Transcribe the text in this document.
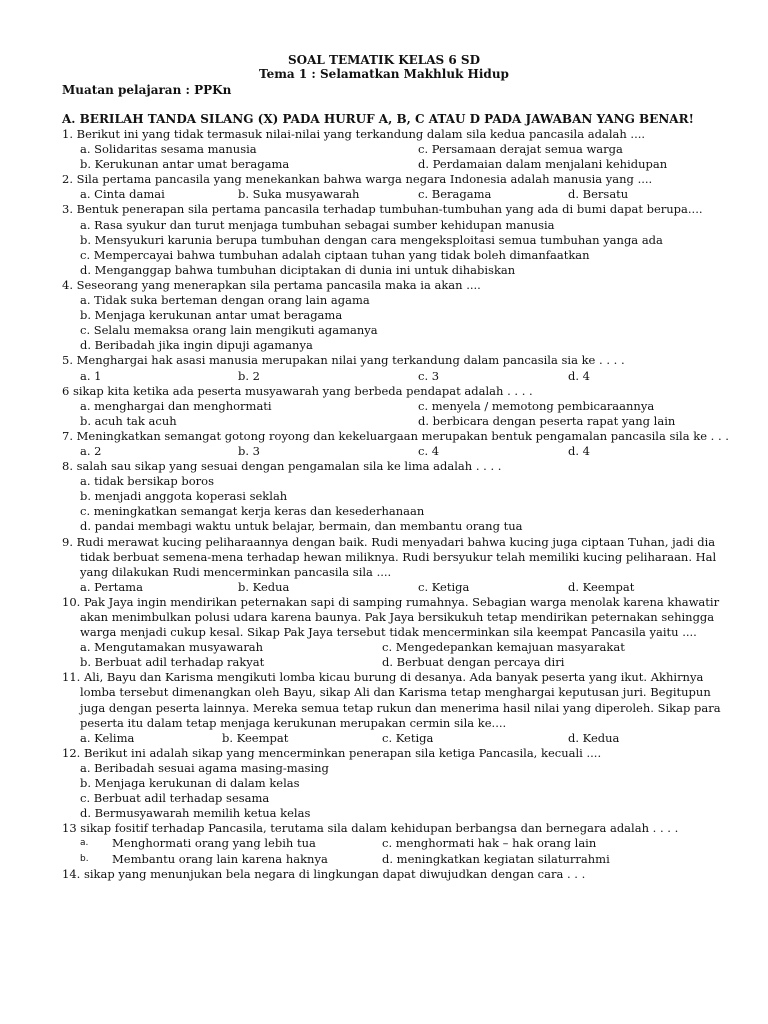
SOAL TEMATIK KELAS 6 SD
Tema 1 : Selamatkan Makhluk Hidup
Muatan pelajaran : PPKn
A. BERILAH TANDA SILANG (X) PADA HURUF A, B, C ATAU D PADA JAWABAN YANG BENAR!
1. Berikut ini yang tidak termasuk nilai-nilai yang terkandung dalam sila kedua pancasila adalah ....
a. Solidaritas sesama manusia	c. Persamaan derajat semua warga
b. Kerukunan antar umat beragama	d. Perdamaian dalam menjalani kehidupan
2. Sila pertama pancasila yang menekankan bahwa warga negara Indonesia adalah manusia yang ....
a. Cinta damai	b. Suka musyawarah	c. Beragama	d. Bersatu
3. Bentuk penerapan sila pertama pancasila terhadap tumbuhan-tumbuhan yang ada di bumi dapat berupa....
a. Rasa syukur dan turut menjaga tumbuhan sebagai sumber kehidupan manusia
b. Mensyukuri karunia berupa tumbuhan dengan cara mengeksploitasi semua tumbuhan yanga ada
c. Mempercayai bahwa tumbuhan adalah ciptaan tuhan yang tidak boleh dimanfaatkan
d. Menganggap bahwa tumbuhan diciptakan di dunia ini untuk dihabiskan
4. Seseorang yang menerapkan sila pertama pancasila maka ia akan ....
a. Tidak suka berteman dengan orang lain agama
b. Menjaga kerukunan antar umat beragama
c. Selalu memaksa orang lain mengikuti agamanya
d. Beribadah jika ingin dipuji agamanya
5. Menghargai hak asasi manusia merupakan nilai yang terkandung dalam pancasila sia ke . . . .
a. 1	b. 2	c. 3	d. 4
6 sikap kita ketika ada peserta musyawarah yang berbeda pendapat adalah . . . .
a. menghargai dan menghormati	c. menyela / memotong pembicaraannya
b. acuh tak acuh	d. berbicara dengan peserta rapat yang lain
7. Meningkatkan semangat gotong royong dan kekeluargaan merupakan bentuk pengamalan pancasila sila ke . . .
a. 2	b. 3	c. 4	d. 4
8. salah sau sikap yang sesuai dengan pengamalan sila ke lima adalah . . . .
a. tidak bersikap boros
b. menjadi anggota koperasi seklah
c. meningkatkan semangat kerja keras dan kesederhanaan
d. pandai membagi waktu untuk belajar, bermain, dan membantu orang tua
9. Rudi merawat kucing peliharaannya dengan baik. Rudi menyadari bahwa kucing juga ciptaan Tuhan, jadi dia
tidak berbuat semena-mena terhadap hewan miliknya. Rudi bersyukur telah memiliki kucing peliharaan. Hal
yang dilakukan Rudi mencerminkan pancasila sila ....
a. Pertama	b. Kedua	c. Ketiga	d. Keempat
10. Pak Jaya ingin mendirikan peternakan sapi di samping rumahnya. Sebagian warga menolak karena khawatir
akan menimbulkan polusi udara karena baunya. Pak Jaya bersikukuh tetap mendirikan peternakan sehingga
warga menjadi cukup kesal. Sikap Pak Jaya tersebut tidak mencerminkan sila keempat Pancasila yaitu ....
a. Mengutamakan musyawarah	c. Mengedepankan kemajuan masyarakat
b. Berbuat adil terhadap rakyat	d. Berbuat dengan percaya diri
11. Ali, Bayu dan Karisma mengikuti lomba kicau burung di desanya. Ada banyak peserta yang ikut. Akhirnya
lomba tersebut dimenangkan oleh Bayu, sikap Ali dan Karisma tetap menghargai keputusan juri. Begitupun
juga dengan peserta lainnya. Mereka semua tetap rukun dan menerima hasil nilai yang diperoleh. Sikap para
peserta itu dalam tetap menjaga kerukunan merupakan cermin sila ke....
a. Kelima	b. Keempat	c. Ketiga	d. Kedua
12. Berikut ini adalah sikap yang mencerminkan penerapan sila ketiga Pancasila, kecuali ....
a. Beribadah sesuai agama masing-masing
b. Menjaga kerukunan di dalam kelas
c. Berbuat adil terhadap sesama
d. Bermusyawarah memilih ketua kelas
13 sikap fositif terhadap Pancasila, terutama sila dalam kehidupan berbangsa dan bernegara adalah . . . .
a. Menghormati orang yang lebih tua	c. menghormati hak – hak orang lain
b. Membantu orang lain karena haknya	d. meningkatkan kegiatan silaturrahmi
14. sikap yang menunjukan bela negara di lingkungan dapat diwujudkan dengan cara . . .
